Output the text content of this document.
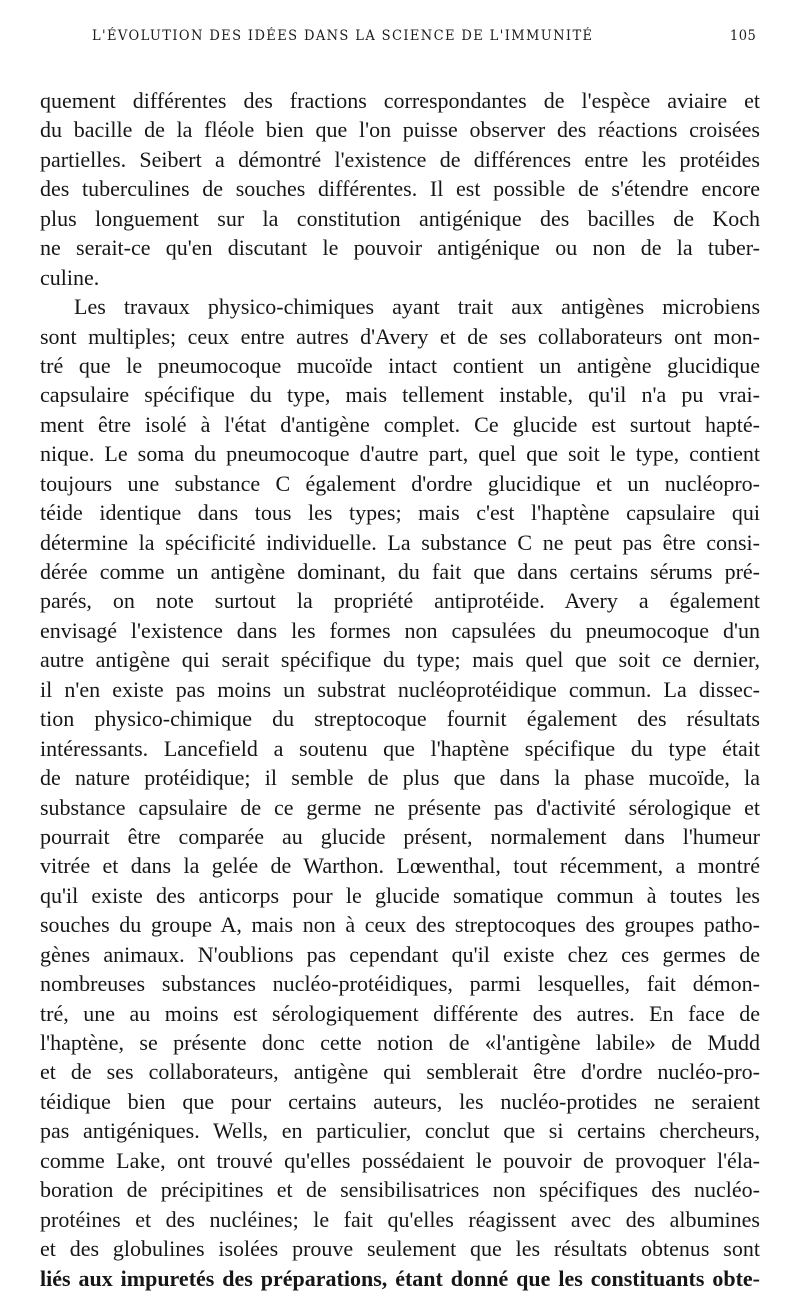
L'ÉVOLUTION DES IDÉES DANS LA SCIENCE DE L'IMMUNITÉ	105
quement différentes des fractions correspondantes de l'espèce aviaire et
du bacille de la fléole bien que l'on puisse observer des réactions croisées
partielles. Seibert a démontré l'existence de différences entre les protéides
des tuberculines de souches différentes. Il est possible de s'étendre encore
plus longuement sur la constitution antigénique des bacilles de Koch
ne serait-ce qu'en discutant le pouvoir antigénique ou non de la tuber-
culine.
Les travaux physico-chimiques ayant trait aux antigènes microbiens
sont multiples; ceux entre autres d'Avery et de ses collaborateurs ont mon-
tré que le pneumocoque mucoïde intact contient un antigène glucidique
capsulaire spécifique du type, mais tellement instable, qu'il n'a pu vrai-
ment être isolé à l'état d'antigène complet. Ce glucide est surtout hapté-
nique. Le soma du pneumocoque d'autre part, quel que soit le type, contient
toujours une substance C également d'ordre glucidique et un nucléopro-
téide identique dans tous les types; mais c'est l'haptène capsulaire qui
détermine la spécificité individuelle. La substance C ne peut pas être consi-
dérée comme un antigène dominant, du fait que dans certains sérums pré-
parés, on note surtout la propriété antiprotéide. Avery a également
envisagé l'existence dans les formes non capsulées du pneumocoque d'un
autre antigène qui serait spécifique du type; mais quel que soit ce dernier,
il n'en existe pas moins un substrat nucléoprotéidique commun. La dissec-
tion physico-chimique du streptocoque fournit également des résultats
intéressants. Lancefield a soutenu que l'haptène spécifique du type était
de nature protéidique; il semble de plus que dans la phase mucoïde, la
substance capsulaire de ce germe ne présente pas d'activité sérologique et
pourrait être comparée au glucide présent, normalement dans l'humeur
vitrée et dans la gelée de Warthon. Lœwenthal, tout récemment, a montré
qu'il existe des anticorps pour le glucide somatique commun à toutes les
souches du groupe A, mais non à ceux des streptocoques des groupes patho-
gènes animaux. N'oublions pas cependant qu'il existe chez ces germes de
nombreuses substances nucléo-protéidiques, parmi lesquelles, fait démon-
tré, une au moins est sérologiquement différente des autres. En face de
l'haptène, se présente donc cette notion de «l'antigène labile» de Mudd
et de ses collaborateurs, antigène qui semblerait être d'ordre nucléo-pro-
téidique bien que pour certains auteurs, les nucléo-protides ne seraient
pas antigéniques. Wells, en particulier, conclut que si certains chercheurs,
comme Lake, ont trouvé qu'elles possédaient le pouvoir de provoquer l'éla-
boration de précipitines et de sensibilisatrices non spécifiques des nucléo-
protéines et des nucléines; le fait qu'elles réagissent avec des albumines
et des globulines isolées prouve seulement que les résultats obtenus sont
liés aux impuretés des préparations, étant donné que les constituants obte-
